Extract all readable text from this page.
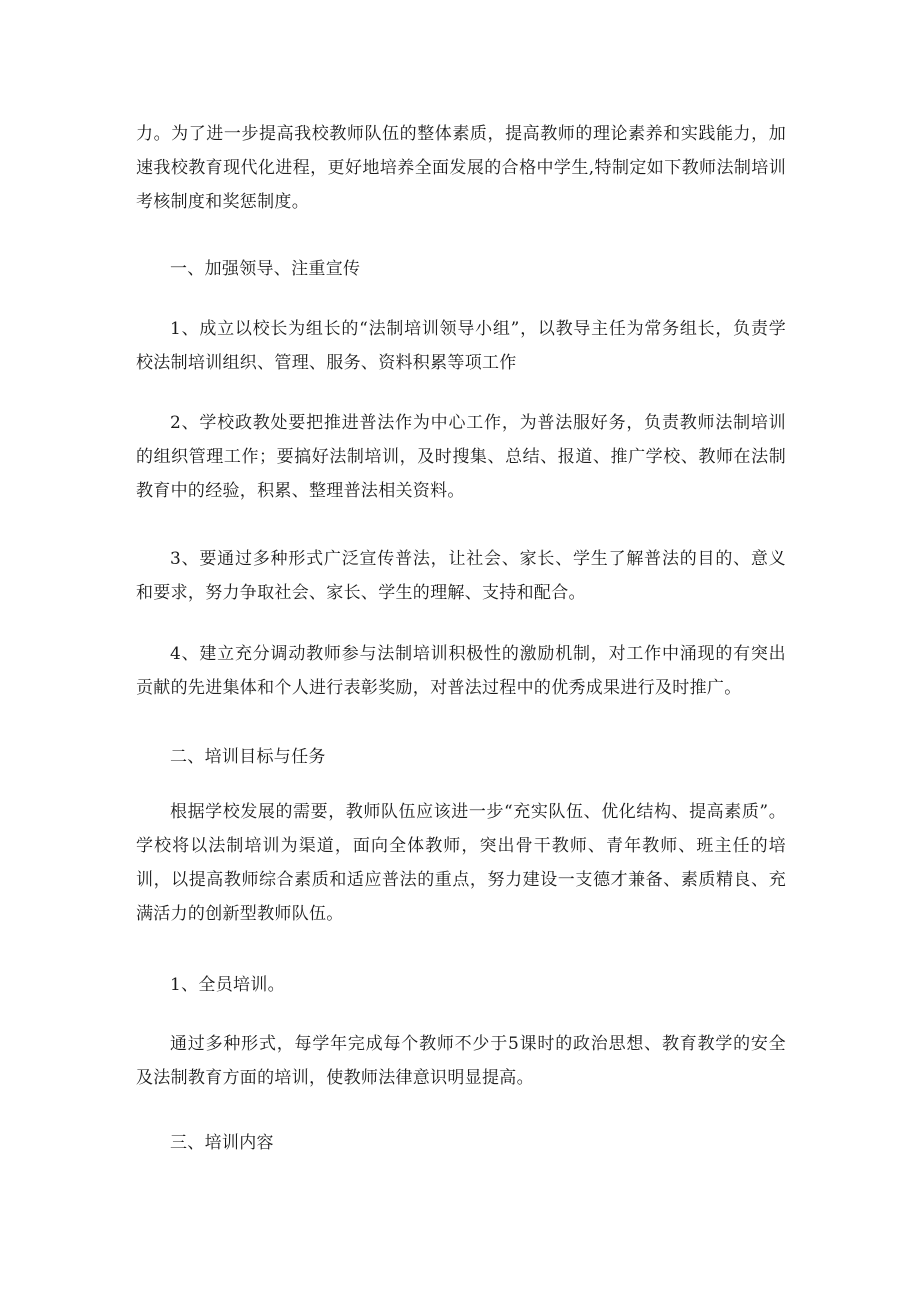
力。为了进一步提高我校教师队伍的整体素质，提高教师的理论素养和实践能力，加速我校教育现代化进程，更好地培养全面发展的合格中学生,特制定如下教师法制培训考核制度和奖惩制度。

一、加强领导、注重宣传

1、成立以校长为组长的“法制培训领导小组”，以教导主任为常务组长，负责学校法制培训组织、管理、服务、资料积累等项工作

2、学校政教处要把推进普法作为中心工作，为普法服好务，负责教师法制培训的组织管理工作；要搞好法制培训，及时搜集、总结、报道、推广学校、教师在法制教育中的经验，积累、整理普法相关资料。

3、要通过多种形式广泛宣传普法，让社会、家长、学生了解普法的目的、意义和要求，努力争取社会、家长、学生的理解、支持和配合。

4、建立充分调动教师参与法制培训积极性的激励机制，对工作中涌现的有突出贡献的先进集体和个人进行表彰奖励，对普法过程中的优秀成果进行及时推广。

二、培训目标与任务

根据学校发展的需要，教师队伍应该进一步“充实队伍、优化结构、提高素质”。学校将以法制培训为渠道，面向全体教师，突出骨干教师、青年教师、班主任的培训，以提高教师综合素质和适应普法的重点，努力建设一支德才兼备、素质精良、充满活力的创新型教师队伍。

1、全员培训。

通过多种形式，每学年完成每个教师不少于5课时的政治思想、教育教学的安全及法制教育方面的培训，使教师法律意识明显提高。

三、培训内容
